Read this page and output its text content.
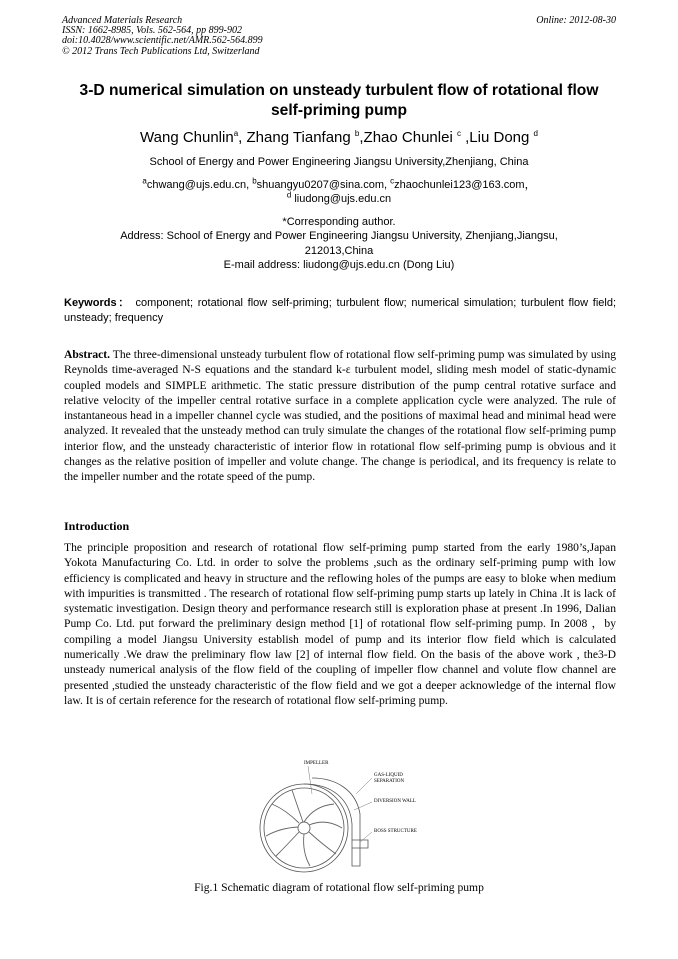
Advanced Materials Research
ISSN: 1662-8985, Vols. 562-564, pp 899-902
doi:10.4028/www.scientific.net/AMR.562-564.899
© 2012 Trans Tech Publications Ltd, Switzerland
Online: 2012-08-30
3-D numerical simulation on unsteady turbulent flow of rotational flow
self-priming pump
Wang Chunlin$^a$, Zhang Tianfang $^b$,Zhao Chunlei $^c$ ,Liu Dong $^d$
School of Energy and Power Engineering Jiangsu University,Zhenjiang, China
$^a$chwang@ujs.edu.cn, $^b$shuangyu0207@sina.com, $^c$zhaochunlei123@163.com，
$^d$ liudong@ujs.edu.cn
*Corresponding author.
Address: School of Energy and Power Engineering Jiangsu University, Zhenjiang,Jiangsu,
212013,China
E-mail address: liudong@ujs.edu.cn (Dong Liu)
Keywords： component; rotational flow self-priming; turbulent flow; numerical simulation; turbulent flow field; unsteady; frequency
Abstract. The three-dimensional unsteady turbulent flow of rotational flow self-priming pump was simulated by using Reynolds time-averaged N-S equations and the standard k-ε turbulent model, sliding mesh model of static-dynamic coupled models and SIMPLE arithmetic. The static pressure distribution of the pump central rotative surface and relative velocity of the impeller central rotative surface in a complete application cycle were analyzed. The rule of instantaneous head in a impeller channel cycle was studied, and the positions of maximal head and minimal head were analyzed. It revealed that the unsteady method can truly simulate the changes of the rotational flow self-priming pump interior flow, and the unsteady characteristic of interior flow in rotational flow self-priming pump is obvious and it changes as the relative position of impeller and volute change. The change is periodical, and its frequency is relate to the impeller number and the rotate speed of the pump.
Introduction
The principle proposition and research of rotational flow self-priming pump started from the early 1980’s,Japan Yokota Manufacturing Co. Ltd. in order to solve the problems ,such as the ordinary self-priming pump with low efficiency is complicated and heavy in structure and the reflowing holes of the pumps are easy to bloke when medium with impurities is transmitted . The research of rotational flow self-priming pump starts up lately in China .It is lack of systematic investigation. Design theory and performance research still is exploration phase at present .In 1996, Dalian Pump Co. Ltd. put forward the preliminary design method [1] of rotational flow self-priming pump. In 2008 ，by compiling a model Jiangsu University establish model of pump and its interior flow field which is calculated numerically .We draw the preliminary flow law [2] of internal flow field. On the basis of the above work , the3-D unsteady numerical analysis of the flow field of the coupling of impeller flow channel and volute flow channel are presented ,studied the unsteady characteristic of the flow field and we got a deeper acknowledge of the internal flow law. It is of certain reference for the research of rotational flow self-priming pump.
IMPELLER
GAS-LIQUID
SEPARATION
DIVERSION WALL
BOSS STRUCTURE
Fig.1 Schematic diagram of rotational flow self-priming pump
